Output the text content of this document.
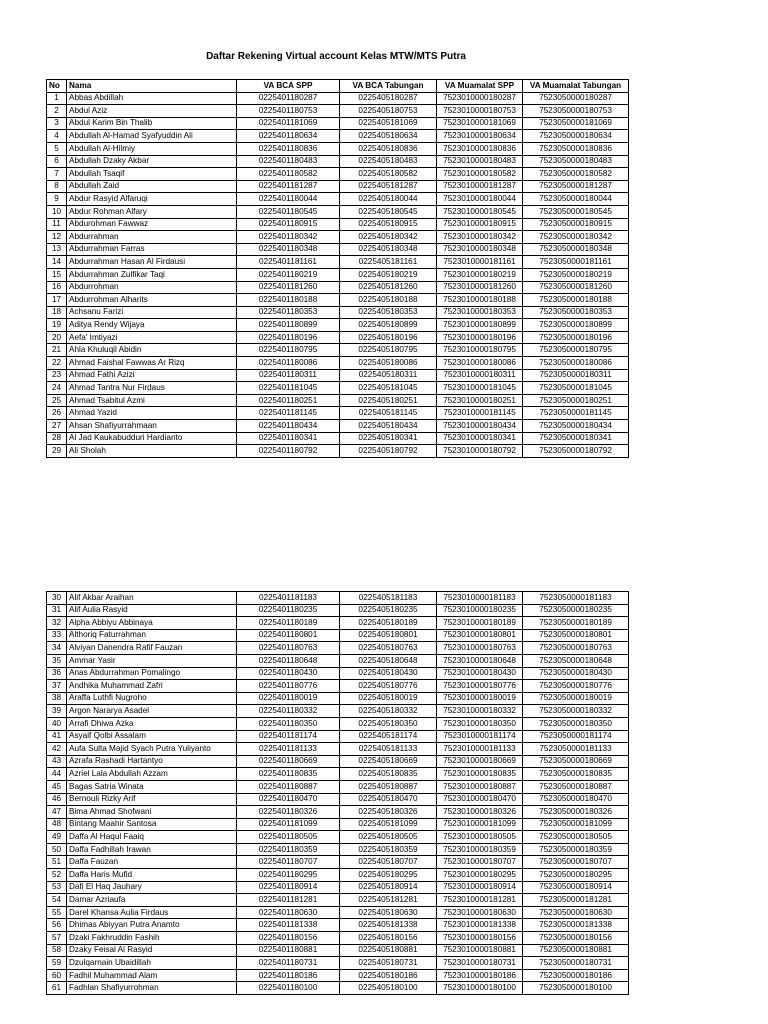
Daftar Rekening Virtual account Kelas MTW/MTS Putra
No	Nama	VA BCA SPP	VA BCA Tabungan	VA Muamalat SPP	VA Muamalat Tabungan
1	Abbas Abdillah	0225401180287	0225405180287	7523010000180287	7523050000180287
2	Abdul Aziz	0225401180753	0225405180753	7523010000180753	7523050000180753
3	Abdul Karim Bin Thalib	0225401181069	0225405181069	7523010000181069	7523050000181069
4	Abdullah Al-Hamad Syafyuddin Ali	0225401180634	0225405180634	7523010000180634	7523050000180634
5	Abdullah Al-Hilmiy	0225401180836	0225405180836	7523010000180836	7523050000180836
6	Abdullah Dzaky Akbar	0225401180483	0225405180483	7523010000180483	7523050000180483
7	Abdullah Tsaqif	0225401180582	0225405180582	7523010000180582	7523050000180582
8	Abdullah Zaid	0225401181287	0225405181287	7523010000181287	7523050000181287
9	Abdur Rasyid Alfaruqi	0225401180044	0225405180044	7523010000180044	7523050000180044
10	Abdur Rohman Alfary	0225401180545	0225405180545	7523010000180545	7523050000180545
11	Abdurohman Fawwaz	0225401180915	0225405180915	7523010000180915	7523050000180915
12	Abdurrahman	0225401180342	0225405180342	7523010000180342	7523050000180342
13	Abdurrahman Farras	0225401180348	0225405180348	7523010000180348	7523050000180348
14	Abdurrahman Hasan Al Firdausi	0225401181161	0225405181161	7523010000181161	7523050000181161
15	Abdurrahman Zulfikar Taqi	0225401180219	0225405180219	7523010000180219	7523050000180219
16	Abdurrohman	0225401181260	0225405181260	7523010000181260	7523050000181260
17	Abdurrohman Alharits	0225401180188	0225405180188	7523010000180188	7523050000180188
18	Achsanu Farizi	0225401180353	0225405180353	7523010000180353	7523050000180353
19	Aditya Rendy Wijaya	0225401180899	0225405180899	7523010000180899	7523050000180899
20	Aefa' Imtiyazi	0225401180196	0225405180196	7523010000180196	7523050000180196
21	Ahla Khuluqil Abidin	0225401180795	0225405180795	7523010000180795	7523050000180795
22	Ahmad Faishal Fawwas Ar Rizq	0225401180086	0225405180086	7523010000180086	7523050000180086
23	Ahmad Fathi Azizi	0225401180311	0225405180311	7523010000180311	7523050000180311
24	Ahmad Tantra Nur Firdaus	0225401181045	0225405181045	7523010000181045	7523050000181045
25	Ahmad Tsabitul Azmi	0225401180251	0225405180251	7523010000180251	7523050000180251
26	Ahmad Yazid	0225401181145	0225405181145	7523010000181145	7523050000181145
27	Ahsan Shafiyurrahmaan	0225401180434	0225405180434	7523010000180434	7523050000180434
28	Al Jad Kaukabudduri Hardianto	0225401180341	0225405180341	7523010000180341	7523050000180341
29	Ali Sholah	0225401180792	0225405180792	7523010000180792	7523050000180792
30	Alif Akbar Araihan	0225401181183	0225405181183	7523010000181183	7523050000181183
31	Alif Aulia Rasyid	0225401180235	0225405180235	7523010000180235	7523050000180235
32	Alpha Abbiyu Abbinaya	0225401180189	0225405180189	7523010000180189	7523050000180189
33	Althoriq Faturrahman	0225401180801	0225405180801	7523010000180801	7523050000180801
34	Alviyan Danendra Rafif Fauzan	0225401180763	0225405180763	7523010000180763	7523050000180763
35	Ammar Yasir	0225401180648	0225405180648	7523010000180648	7523050000180648
36	Anas Abdurrahman Pomalingo	0225401180430	0225405180430	7523010000180430	7523050000180430
37	Andhika Muhammad Zafri	0225401180776	0225405180776	7523010000180776	7523050000180776
38	Araffa Luthfi Nugroho	0225401180019	0225405180019	7523010000180019	7523050000180019
39	Argon Nararya Asadel	0225401180332	0225405180332	7523010000180332	7523050000180332
40	Arrafi Dhiwa Azka	0225401180350	0225405180350	7523010000180350	7523050000180350
41	Asyaif Qolbi Assalam	0225401181174	0225405181174	7523010000181174	7523050000181174
42	Aufa Sulta Majid Syach Putra Yuliyanto	0225401181133	0225405181133	7523010000181133	7523050000181133
43	Azrafa Rashadi Hartantyo	0225401180669	0225405180669	7523010000180669	7523050000180669
44	Azriel Lala Abdullah Azzam	0225401180835	0225405180835	7523010000180835	7523050000180835
45	Bagas Satria Winata	0225401180887	0225405180887	7523010000180887	7523050000180887
46	Bernouli Rizky Arif	0225401180470	0225405180470	7523010000180470	7523050000180470
47	Bima Ahmad Shofwani	0225401180326	0225405180326	7523010000180326	7523050000180326
48	Bintang Maahir Santosa	0225401181099	0225405181099	7523010000181099	7523050000181099
49	Daffa Al Haqul Faaiq	0225401180505	0225405180505	7523010000180505	7523050000180505
50	Daffa Fadhillah Irawan	0225401180359	0225405180359	7523010000180359	7523050000180359
51	Daffa Fauzan	0225401180707	0225405180707	7523010000180707	7523050000180707
52	Daffa Haris Mufid	0225401180295	0225405180295	7523010000180295	7523050000180295
53	Dafi El Haq Jauhary	0225401180914	0225405180914	7523010000180914	7523050000180914
54	Damar Azriaufa	0225401181281	0225405181281	7523010000181281	7523050000181281
55	Darel Khansa Aulia Firdaus	0225401180630	0225405180630	7523010000180630	7523050000180630
56	Dhimas Abiyyan Putra Anamto	0225401181338	0225405181338	7523010000181338	7523050000181338
57	Dzaki Fakhruddin Fashih	0225401180156	0225405180156	7523010000180156	7523050000180156
58	Dzaky Feisal Al Rasyid	0225401180881	0225405180881	7523010000180881	7523050000180881
59	Dzulqarnain Ubaidillah	0225401180731	0225405180731	7523010000180731	7523050000180731
60	Fadhil Muhammad Alam	0225401180186	0225405180186	7523010000180186	7523050000180186
61	Fadhlan Shafiyurrohman	0225401180100	0225405180100	7523010000180100	7523050000180100
